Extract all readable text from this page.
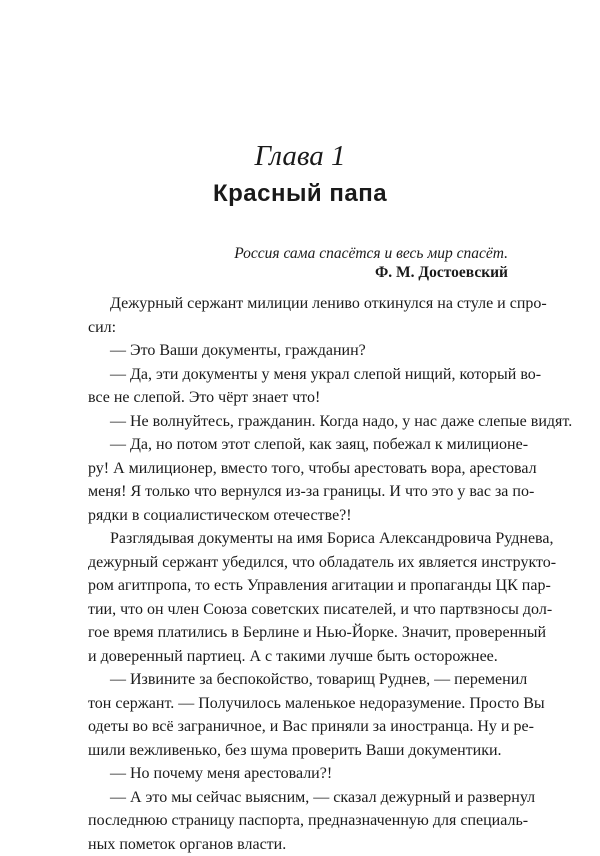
Глава 1
Красный папа
Россия сама спасётся и весь мир спасёт.
Ф. М. Достоевский
Дежурный сержант милиции лениво откинулся на стуле и спро-
сил:
— Это Ваши документы, гражданин?
— Да, эти документы у меня украл слепой нищий, который во-
все не слепой. Это чёрт знает что!
— Не волнуйтесь, гражданин. Когда надо, у нас даже слепые видят.
— Да, но потом этот слепой, как заяц, побежал к милиционе-
ру! А милиционер, вместо того, чтобы арестовать вора, арестовал
меня! Я только что вернулся из-за границы. И что это у вас за по-
рядки в социалистическом отечестве?!
Разглядывая документы на имя Бориса Александровича Руднева,
дежурный сержант убедился, что обладатель их является инструкто-
ром агитпропа, то есть Управления агитации и пропаганды ЦК пар-
тии, что он член Союза советских писателей, и что партвзносы дол-
гое время платились в Берлине и Нью-Йорке. Значит, проверенный
и доверенный партиец. А с такими лучше быть осторожнее.
— Извините за беспокойство, товарищ Руднев, — переменил
тон сержант. — Получилось маленькое недоразумение. Просто Вы
одеты во всё заграничное, и Вас приняли за иностранца. Ну и ре-
шили вежливенько, без шума проверить Ваши документики.
— Но почему меня арестовали?!
— А это мы сейчас выясним, — сказал дежурный и развернул
последнюю страницу паспорта, предназначенную для специаль-
ных пометок органов власти.
